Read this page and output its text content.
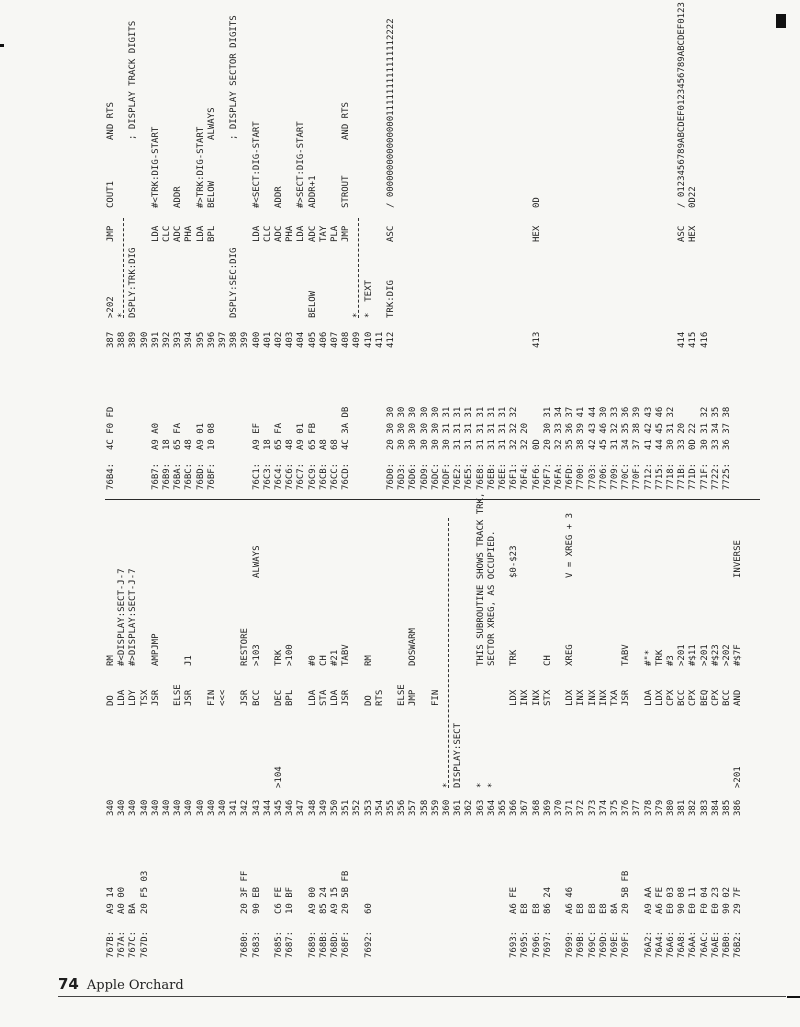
767B:
A9 14
340
DO
RM
767A:
A0 00
340
LDA
#<DISPLAY:SECT-J-7
767C:
BA
340
LDY
#>DISPLAY:SECT-J-7
767D:
20 F5 03
340
TSX
340
JSR
AMPJMP
340 340
ELSE
340
JSR
J1
340 340
FIN
340
<<<
341
7680:
20 3F FF
342
JSR
RESTORE
7683:
90 EB
343
BCC
>103
ALWAYS
344
7685:
C6 FE
345
>104
DEC
TRK
7687:
10 BF
346
BPL
>100
347
7689:
A9 00
348
LDA
#0
768B:
85 24
349
STA
CH
768D:
A9 15
350
LDA
#21
768F:
20 5B FB
351
JSR
TABV
352
7692:
60
353
DO
RM
354
RTS
355 356
ELSE
357
JMP
DOSWARM
358 359
FIN
360
*
361
DISPLAY:SECT
362 363
*
THIS SUBROUTINE SHOWS TRACK TRK,
364
*
SECTOR XREG, AS OCCUPIED.
365
7693:
A6 FE
366
LDX
TRK
$0-$23
7695:
E8
367
INX
7696:
E8
368
INX
7697:
86 24
369
STX
CH
370
7699:
A6 46
371
LDX
XREG
V = XREG + 3
769B:
E8
372
INX
769C:
E8
373
INX
769D:
E8
374
INX
769E:
8A
375
TXA
769F:
20 5B FB
376
JSR
TABV
377
76A2:
A9 AA
378
LDA
#"*
76A4:
A6 FE
379
LDX
TRK
76A6:
E0 03
380
CPX
#3
76A8:
90 08
381
BCC
>201
76AA:
E0 11
382
CPX
#$11
76AC:
F0 04
383
BEQ
>201
76AE:
E0 23
384
CPX
#$23
76B0:
90 02
385
BCC
>202
76B2:
29 7F
386
>201
AND
#$7F
INVERSE
76B4:
4C F0 FD
387
>202
JMP
COUT1
AND RTS
388
*
389
DSPLY:TRK:DIG
; DISPLAY TRACK DIGITS
390
76B7:
A9 A0
391
LDA
#<TRK:DIG-START
76B9:
18
392
CLC
76BA:
65 FA
393
ADC
ADDR
76BC:
48
394
PHA
76BD:
A9 01
395
LDA
#>TRK:DIG-START
76BF:
10 08
396
BPL
BELOW
ALWAYS
397 398
DSPLY:SEC:DIG
; DISPLAY SECTOR DIGITS
399
76C1:
A9 EF
400
LDA
#<SECT:DIG-START
76C3:
18
401
CLC
76C4:
65 FA
402
ADC
ADDR
76C6:
48
403
PHA
76C7:
A9 01
404
LDA
#>SECT:DIG-START
76C9:
65 FB
405
BELOW
ADC
ADDR+1
76CB:
A8
406
TAY
76CC:
68
407
PLA
76CD:
4C 3A DB
408
JMP
STROUT
AND RTS
409
*
410
*  TEXT
411
76D0:
20 30 30
412
TRK:DIG
ASC
/ 000000000000000111111111111112222
76D3:
30 30 30
76D6:
30 30 30
76D9:
30 30 30
76DC:
30 30 30
76DF:
30 31 31
76E2:
31 31 31
76E5:
31 31 31
76E8:
31 31 31
76EB:
31 31 31
76EE:
31 31 31
76F1:
32 32 32
76F4:
32 20
76F6:
0D
413
HEX
0D
76F7:
20 30 31
76FA:
32 33 34
76FD:
35 36 37
7700:
38 39 41
7703:
42 43 44
7706:
45 46 30
7709:
31 32 33
770C:
34 35 36
770F:
37 38 39
7712:
41 42 43
7715:
44 45 46
7718:
30 31 32
771B:
33 20
414
ASC
/ 0123456789ABCDEF0123456789ABCDEF0123
771D:
0D 22
415
HEX
0D22
771F:
30 31 32
416
7722:
33 34 35
7725:
36 37 38
74 Apple Orchard
